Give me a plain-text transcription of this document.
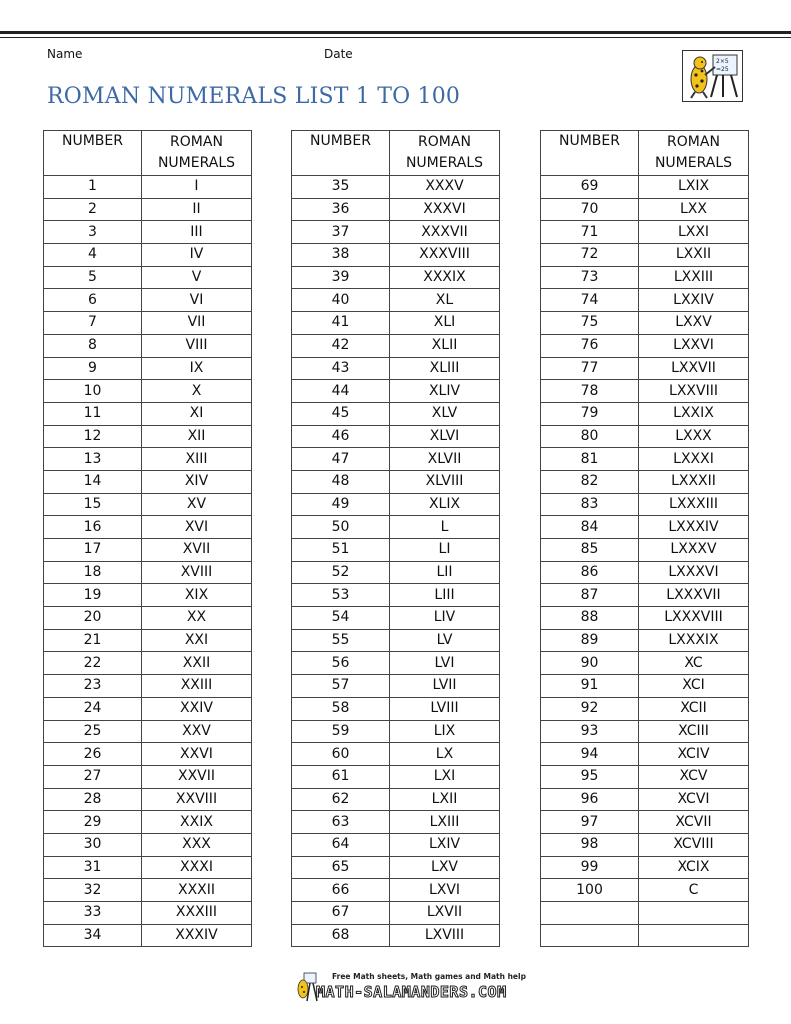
Name	Date
ROMAN NUMERALS LIST 1 TO 100
2×5
=25
NUMBER	ROMAN
NUMERALS

1	I
2	II
3	III
4	IV
5	V
6	VI
7	VII
8	VIII
9	IX
10	X
11	XI
12	XII
13	XIII
14	XIV
15	XV
16	XVI
17	XVII
18	XVIII
19	XIX
20	XX
21	XXI
22	XXII
23	XXIII
24	XXIV
25	XXV
26	XXVI
27	XXVII
28	XXVIII
29	XXIX
30	XXX
31	XXXI
32	XXXII
33	XXXIII
34	XXXIV
NUMBER	ROMAN
NUMERALS

35	XXXV
36	XXXVI
37	XXXVII
38	XXXVIII
39	XXXIX
40	XL
41	XLI
42	XLII
43	XLIII
44	XLIV
45	XLV
46	XLVI
47	XLVII
48	XLVIII
49	XLIX
50	L
51	LI
52	LII
53	LIII
54	LIV
55	LV
56	LVI
57	LVII
58	LVIII
59	LIX
60	LX
61	LXI
62	LXII
63	LXIII
64	LXIV
65	LXV
66	LXVI
67	LXVII
68	LXVIII
NUMBER	ROMAN
NUMERALS

69	LXIX
70	LXX
71	LXXI
72	LXXII
73	LXXIII
74	LXXIV
75	LXXV
76	LXXVI
77	LXXVII
78	LXXVIII
79	LXXIX
80	LXXX
81	LXXXI
82	LXXXII
83	LXXXIII
84	LXXXIV
85	LXXXV
86	LXXXVI
87	LXXXVII
88	LXXXVIII
89	LXXXIX
90	XC
91	XCI
92	XCII
93	XCIII
94	XCIV
95	XCV
96	XCVI
97	XCVII
98	XCVIII
99	XCIX
100	C

Free Math sheets, Math games and Math help
MATH-SALAMANDERS.COM
